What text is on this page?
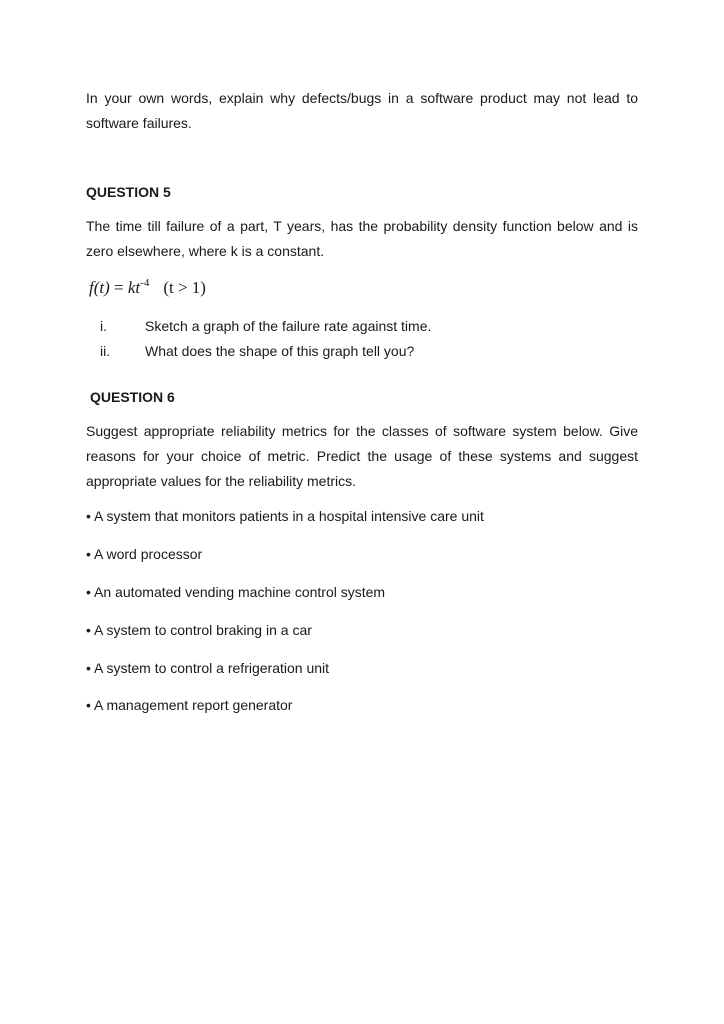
In your own words, explain why defects/bugs in a software product may not lead to software failures.

QUESTION 5

The time till failure of a part, T years, has the probability density function below and is zero elsewhere, where k is a constant.

$f(t) = kt^{-4}$ (t > 1)

i.	Sketch a graph of the failure rate against time.
ii. What does the shape of this graph tell you?

QUESTION 6

Suggest appropriate reliability metrics for the classes of software system below. Give reasons for your choice of metric. Predict the usage of these systems and suggest appropriate values for the reliability metrics.

• A system that monitors patients in a hospital intensive care unit

• A word processor

• An automated vending machine control system

• A system to control braking in a car

• A system to control a refrigeration unit

• A management report generator
